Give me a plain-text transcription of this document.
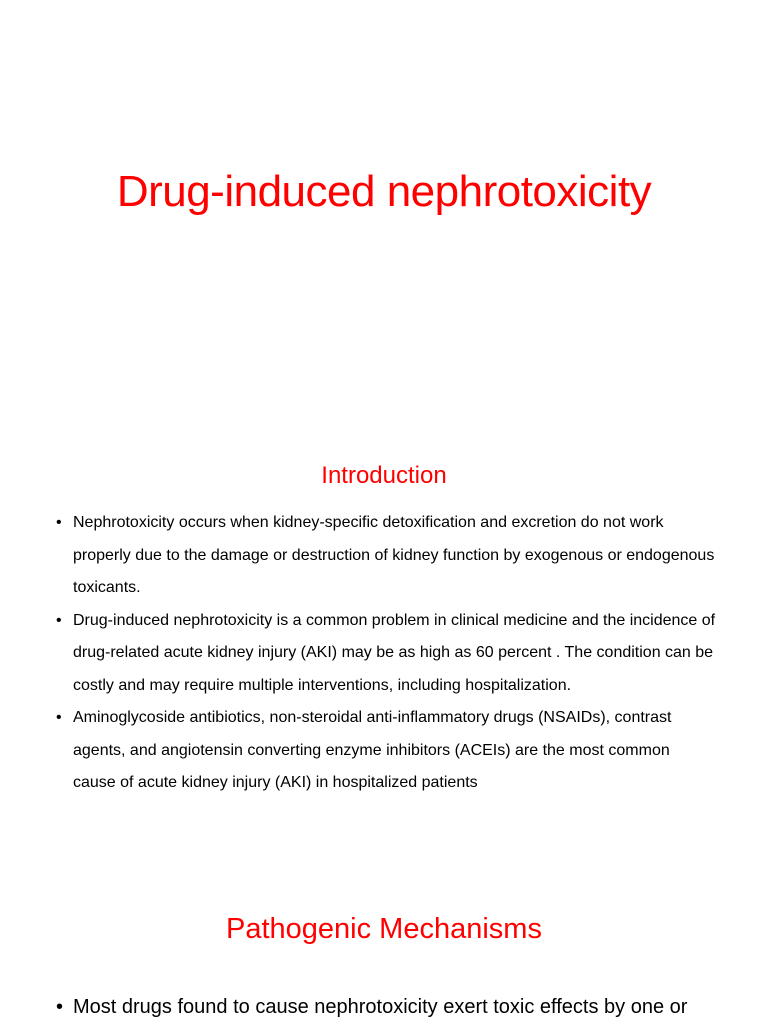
Drug-induced nephrotoxicity
Introduction
• Nephrotoxicity occurs when kidney-specific detoxification and excretion do not work properly due to the damage or destruction of kidney function by exogenous or endogenous toxicants.
• Drug-induced nephrotoxicity is a common problem in clinical medicine and the incidence of drug-related acute kidney injury (AKI) may be as high as 60 percent . The condition can be costly and may require multiple interventions, including hospitalization.
• Aminoglycoside antibiotics, non-steroidal anti-inflammatory drugs (NSAIDs), contrast agents, and angiotensin converting enzyme inhibitors (ACEIs) are the most common cause of acute kidney injury (AKI) in hospitalized patients
Pathogenic Mechanisms
• Most drugs found to cause nephrotoxicity exert toxic effects by one or
